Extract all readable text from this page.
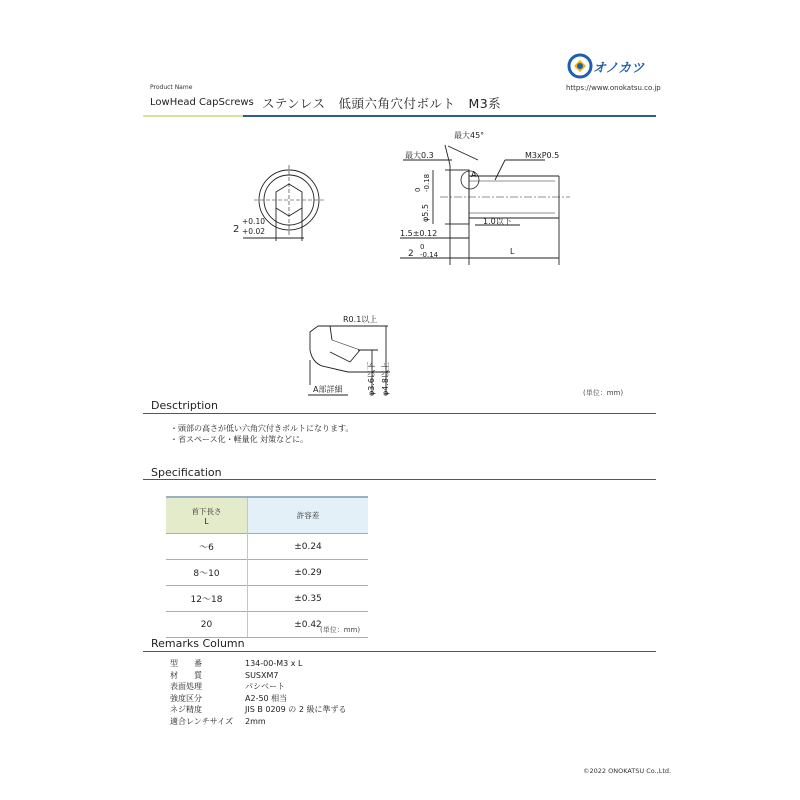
Product Name
LowHead CapScrews ステンレス　低頭六角穴付ボルト　M3系
オノカツ
https://www.onokatsu.co.jp
+0.10
+0.02
2
最大45°
最大0.3	M3xP0.5
A
φ5.5
0 -0.18
1.0以下
1.5±0.12
0
2 -0.14	L
R0.1以上
φ3.6以下 φ4.8以上
A部詳細	(単位：mm)
Desctription
・頭部の高さが低い六角穴付きボルトになります。
・省スペース化・軽量化 対策などに。
Specification
首下長さ
L	許容差
～6	±0.24
8～10	±0.29
12～18	±0.35
20	±0.42
(単位：mm)
Remarks Column
型　　番	134-00-M3 x L
材　　質	SUSXM7
表面処理	パシベート
強度区分	A2-50 相当
ネジ精度	JIS B 0209 の 2 級に準ずる
適合レンチサイズ	2mm
©2022 ONOKATSU Co.,Ltd.
